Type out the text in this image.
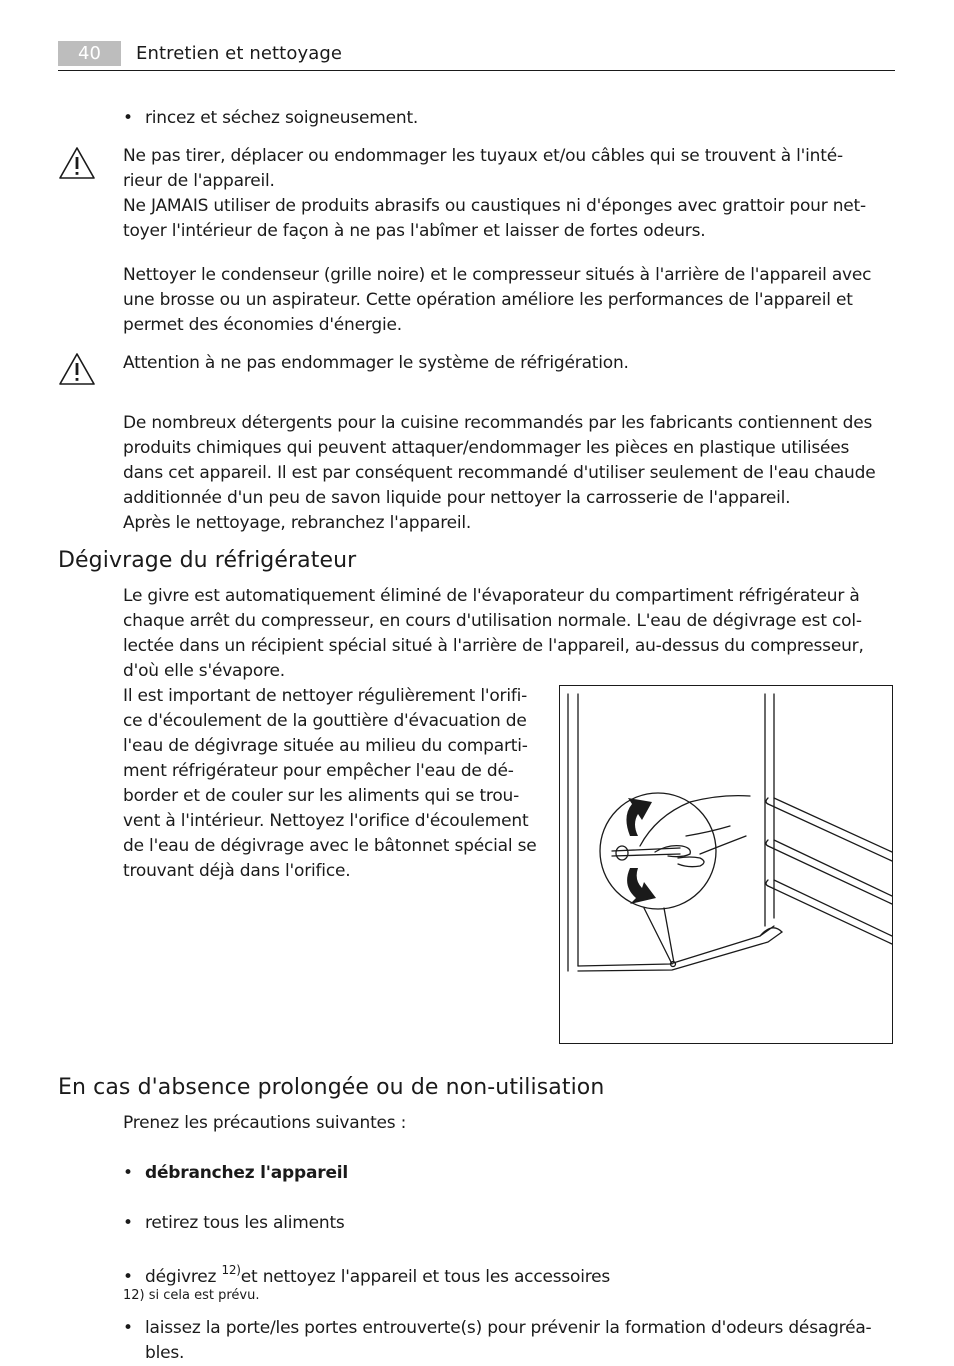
40	Entretien et nettoyage
• rincez et séchez soigneusement.

Ne pas tirer, déplacer ou endommager les tuyaux et/ou câbles qui se trouvent à l'inté-

rieur de l'appareil.

Ne JAMAIS utiliser de produits abrasifs ou caustiques ni d'éponges avec grattoir pour net-

toyer l'intérieur de façon à ne pas l'abîmer et laisser de fortes odeurs.

Nettoyer le condenseur (grille noire) et le compresseur situés à l'arrière de l'appareil avec

une brosse ou un aspirateur. Cette opération améliore les performances de l'appareil et

permet des économies d'énergie.

Attention à ne pas endommager le système de réfrigération.

De nombreux détergents pour la cuisine recommandés par les fabricants contiennent des

produits chimiques qui peuvent attaquer/endommager les pièces en plastique utilisées

dans cet appareil. Il est par conséquent recommandé d'utiliser seulement de l'eau chaude

additionnée d'un peu de savon liquide pour nettoyer la carrosserie de l'appareil.

Après le nettoyage, rebranchez l'appareil.

Dégivrage du réfrigérateur

Le givre est automatiquement éliminé de l'évaporateur du compartiment réfrigérateur à

chaque arrêt du compresseur, en cours d'utilisation normale. L'eau de dégivrage est col-

lectée dans un récipient spécial situé à l'arrière de l'appareil, au-dessus du compresseur,

d'où elle s'évapore.

Il est important de nettoyer régulièrement l'orifi-

ce d'écoulement de la gouttière d'évacuation de

l'eau de dégivrage située au milieu du comparti-

ment réfrigérateur pour empêcher l'eau de dé-

border et de couler sur les aliments qui se trou-

vent à l'intérieur. Nettoyez l'orifice d'écoulement

de l'eau de dégivrage avec le bâtonnet spécial se

trouvant déjà dans l'orifice.

En cas d'absence prolongée ou de non-utilisation
Prenez les précautions suivantes :
• débranchez l'appareil
• retirez tous les aliments
• dégivrez $^{12)}$et nettoyez l'appareil et tous les accessoires

• laissez la porte/les portes entrouverte(s) pour prévenir la formation d'odeurs désagréa-

bles.

12) si cela est prévu.
